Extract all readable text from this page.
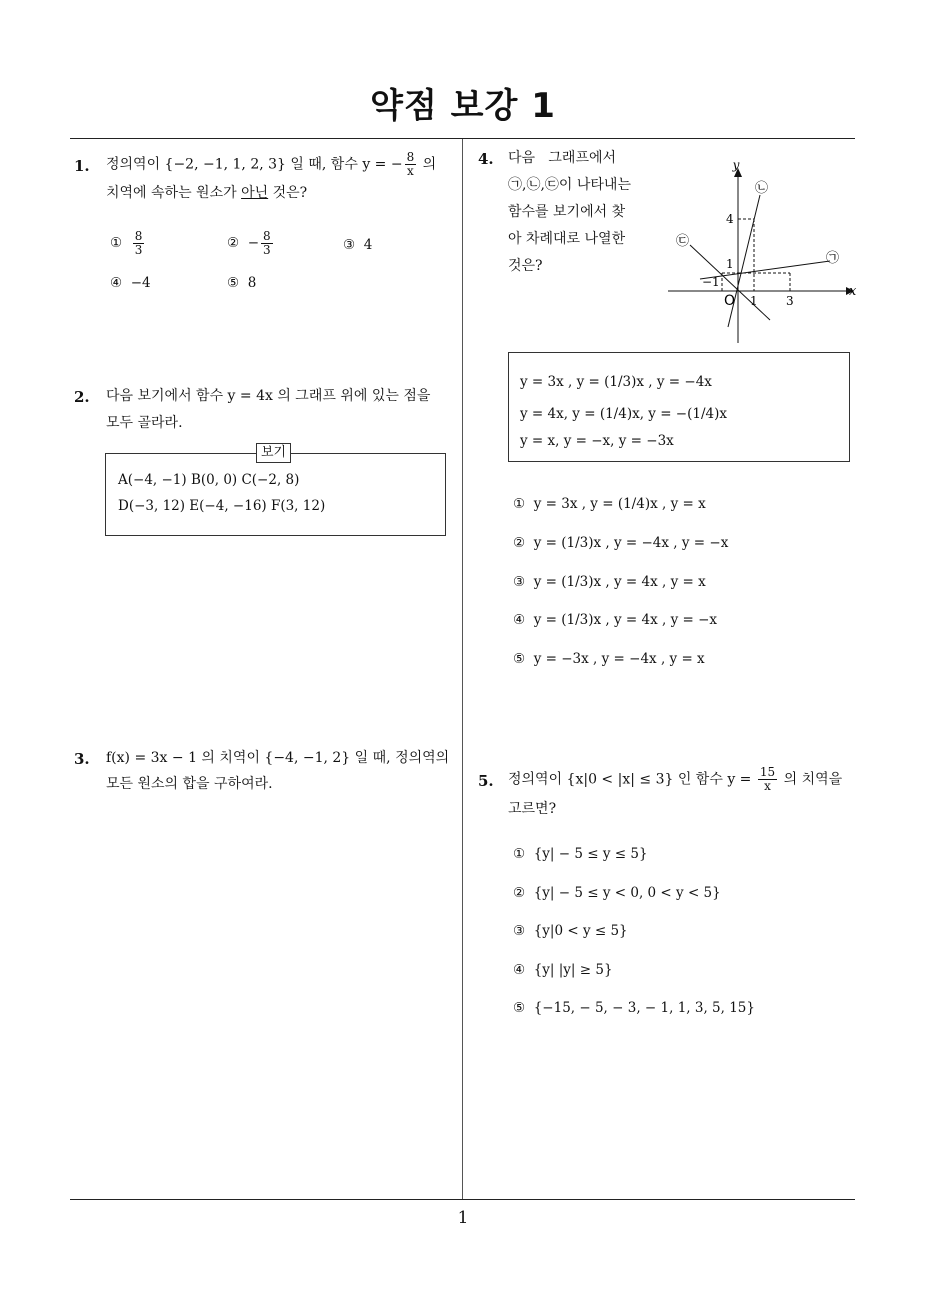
약점 보강 1
1
1. 정의역이 {−2, −1, 1, 2, 3} 일 때, 함수 y = − $\frac{8}{x}$ 의
치역에 속하는 원소가 아닌 것은?
① $\frac{8}{3}$	② − $\frac{8}{3}$	③ 4
④ −4	⑤ 8
2. 다음 보기에서 함수 y = 4x 의 그래프 위에 있는 점을
모두 골라라.
보기
A(−4, −1) B(0, 0) C(−2, 8)
D(−3, 12) E(−4, −16) F(3, 12)
3. f(x) = 3x − 1 의 치역이 {−4, −1, 2} 일 때, 정의역의
모든 원소의 합을 구하여라.
4. 다음   그래프에서
㉠,㉡,㉢이 나타내는
함수를 보기에서 찾
아 차례대로 나열한
것은?
y
x
O
4
1
−1
1 3
㉠
㉡
㉢
y = 3x , y = (1/3)x , y = −4x
y = 4x, y = (1/4)x, y = −(1/4)x
y = x, y = −x, y = −3x
① y = 3x , y = (1/4)x , y = x
② y = (1/3)x , y = −4x , y = −x
③ y = (1/3)x , y = 4x , y = x
④ y = (1/3)x , y = 4x , y = −x
⑤ y = −3x , y = −4x , y = x
5. 정의역이 {x|0 < |x| ≤ 3} 인 함수 $y = \frac{15}{x}$ 의 치역을
고르면?
① {y| − 5 ≤ y ≤ 5}
② {y| − 5 ≤ y < 0, 0 < y < 5}
③ {y|0 < y ≤ 5}
④ {y| |y| ≥ 5}
⑤ {−15, − 5, − 3, − 1, 1, 3, 5, 15}
